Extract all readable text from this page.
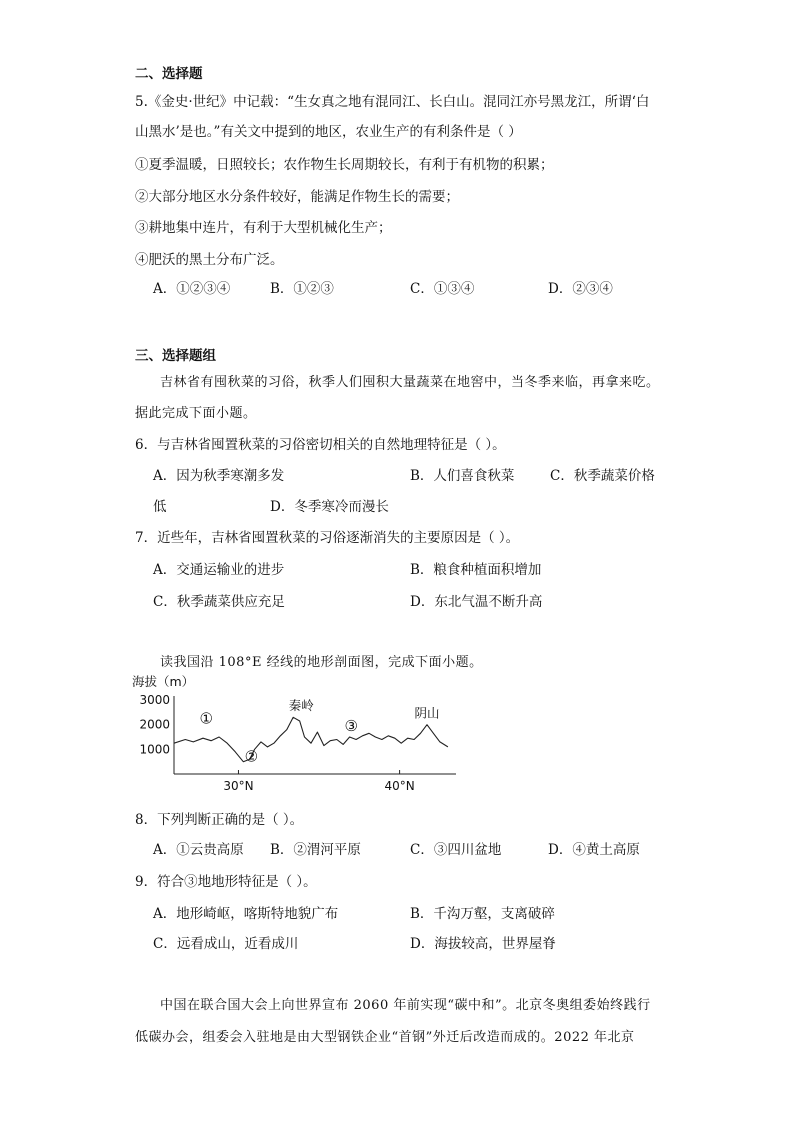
二、选择题
5.《金史·世纪》中记载：“生女真之地有混同江、长白山。混同江亦号黑龙江，所谓‘白
山黑水’是也。”有关文中提到的地区，农业生产的有利条件是（ ）
①夏季温暖，日照较长；农作物生长周期较长，有利于有机物的积累；
②大部分地区水分条件较好，能满足作物生长的需要；
③耕地集中连片，有利于大型机械化生产；
④肥沃的黑土分布广泛。
A．①②③④	B．①②③	C．①③④	D．②③④
三、选择题组
吉林省有囤秋菜的习俗，秋季人们囤积大量蔬菜在地窖中，当冬季来临，再拿来吃。
据此完成下面小题。
6．与吉林省囤置秋菜的习俗密切相关的自然地理特征是（ ）。
A．因为秋季寒潮多发	B．人们喜食秋菜	C．秋季蔬菜价格
低	D．冬季寒冷而漫长
7．近些年，吉林省囤置秋菜的习俗逐渐消失的主要原因是（ ）。
A．交通运输业的进步	B．粮食种植面积增加
C．秋季蔬菜供应充足	D．东北气温不断升高
读我国沿 108°E 经线的地形剖面图，完成下面小题。
海拔（m）
3000
2000
1000
30°N	40°N
①
②
③
秦岭	阴山
8．下列判断正确的是（ ）。
A．①云贵高原 B．②渭河平原	C．③四川盆地	D．④黄土高原
9．符合③地地形特征是（ ）。
A．地形崎岖，喀斯特地貌广布	B．千沟万壑，支离破碎
C．远看成山，近看成川	D．海拔较高，世界屋脊
中国在联合国大会上向世界宣布 2060 年前实现“碳中和”。北京冬奥组委始终践行
低碳办会，组委会入驻地是由大型钢铁企业“首钢”外迁后改造而成的。2022 年北京
